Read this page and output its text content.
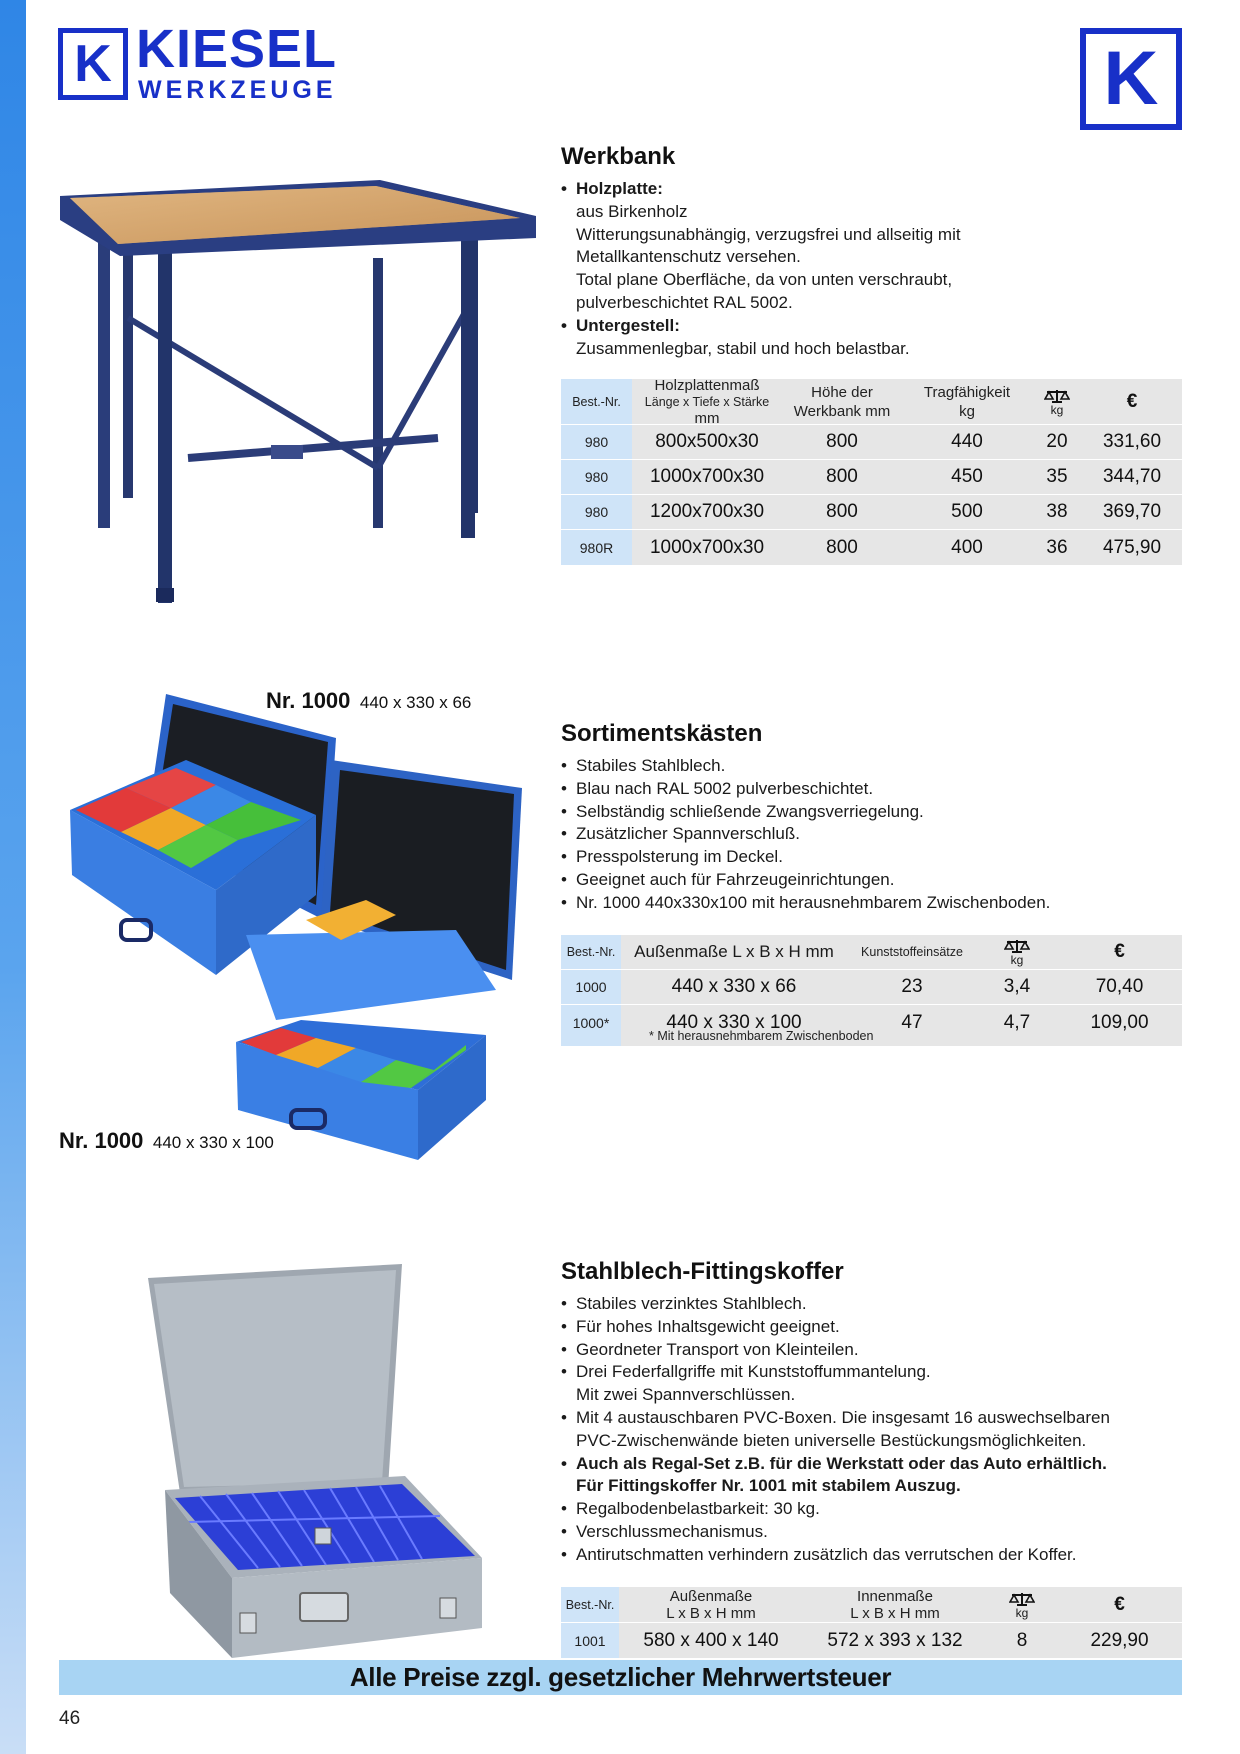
K KIESEL
WERKZEUGE	K
Werkbank
• Holzplatte:
aus Birkenholz
Witterungsunabhängig, verzugsfrei und allseitig mit
Metallkantenschutz versehen.
Total plane Oberfläche, da von unten verschraubt,
pulverbeschichtet RAL 5002.
• Untergestell:
Zusammenlegbar, stabil und hoch belastbar.
Best.-Nr.
Holzplattenmaß
Länge x Tiefe x Stärke
mm
Höhe der
Werkbank mm
Tragfähigkeit
kg	kg	€
980	800x500x30	800	440	20	331,60
980	1000x700x30	800	450	35	344,70
980	1200x700x30	800	500	38	369,70
980R	1000x700x30	800	400	36	475,90
Nr. 1000 440 x 330 x 66
Nr. 1000 440 x 330 x 100
Sortimentskästen
• Stabiles Stahlblech.
• Blau nach RAL 5002 pulverbeschichtet.
• Selbständig schließende Zwangsverriegelung.
• Zusätzlicher Spannverschluß.
• Presspolsterung im Deckel.
• Geeignet auch für Fahrzeugeinrichtungen.
• Nr. 1000 440x330x100 mit herausnehmbarem Zwischenboden.
Best.-Nr.	Außenmaße L x B x H mm	Kunststoffeinsätze
kg	€
1000	440 x 330 x 66	23	3,4	70,40
1000*	440 x 330 x 100	47	4,7	109,00
* Mit herausnehmbarem Zwischenboden
Stahlblech-Fittingskoffer
• Stabiles verzinktes Stahlblech.
• Für hohes Inhaltsgewicht geeignet.
• Geordneter Transport von Kleinteilen.
• Drei Federfallgriffe mit Kunststoffummantelung.
Mit zwei Spannverschlüssen.
• Mit 4 austauschbaren PVC-Boxen. Die insgesamt 16 auswechselbaren
PVC-Zwischenwände bieten universelle Bestückungsmöglichkeiten.
• Auch als Regal-Set z.B. für die Werkstatt oder das Auto erhältlich.
Für Fittingskoffer Nr. 1001 mit stabilem Auszug.
• Regalbodenbelastbarkeit: 30 kg.
• Verschlussmechanismus.
• Antirutschmatten verhindern zusätzlich das verrutschen der Koffer.
Best.-Nr.	Außenmaße
L x B x H mm
Innenmaße
L x B x H mm	kg	€
1001	580 x 400 x 140	572 x 393 x 132	8	229,90
Alle Preise zzgl. gesetzlicher Mehrwertsteuer
46
